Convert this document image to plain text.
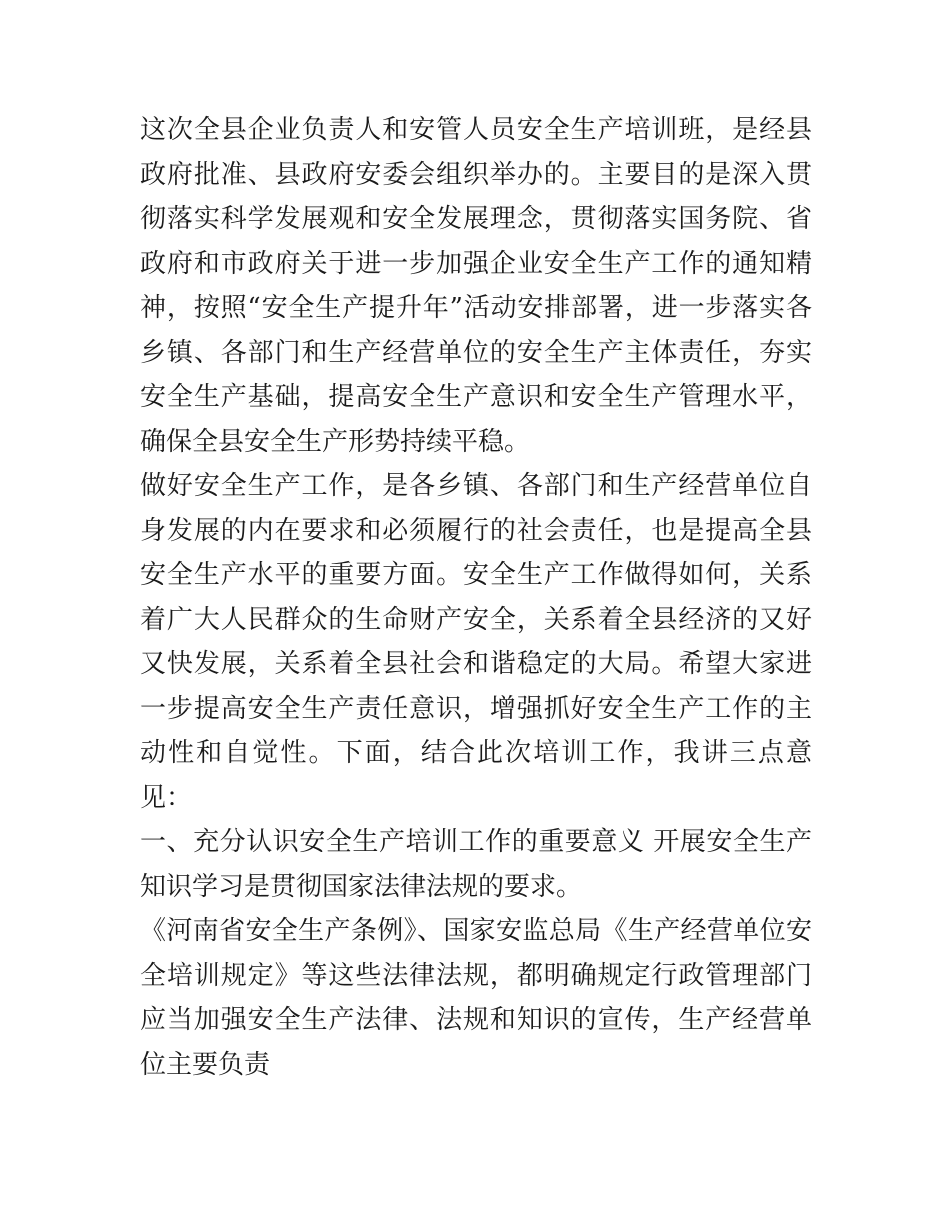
这次全县企业负责人和安管人员安全生产培训班，是经县政府批准、县政府安委会组织举办的。主要目的是深入贯彻落实科学发展观和安全发展理念，贯彻落实国务院、省政府和市政府关于进一步加强企业安全生产工作的通知精神，按照“安全生产提升年”活动安排部署，进一步落实各乡镇、各部门和生产经营单位的安全生产主体责任，夯实安全生产基础，提高安全生产意识和安全生产管理水平，确保全县安全生产形势持续平稳。

做好安全生产工作，是各乡镇、各部门和生产经营单位自身发展的内在要求和必须履行的社会责任，也是提高全县安全生产水平的重要方面。安全生产工作做得如何，关系着广大人民群众的生命财产安全，关系着全县经济的又好又快发展，关系着全县社会和谐稳定的大局。希望大家进一步提高安全生产责任意识，增强抓好安全生产工作的主动性和自觉性。下面，结合此次培训工作，我讲三点意见：

一、充分认识安全生产培训工作的重要意义 开展安全生产知识学习是贯彻国家法律法规的要求。

《河南省安全生产条例》、国家安监总局《生产经营单位安全培训规定》等这些法律法规，都明确规定行政管理部门应当加强安全生产法律、法规和知识的宣传，生产经营单位主要负责
